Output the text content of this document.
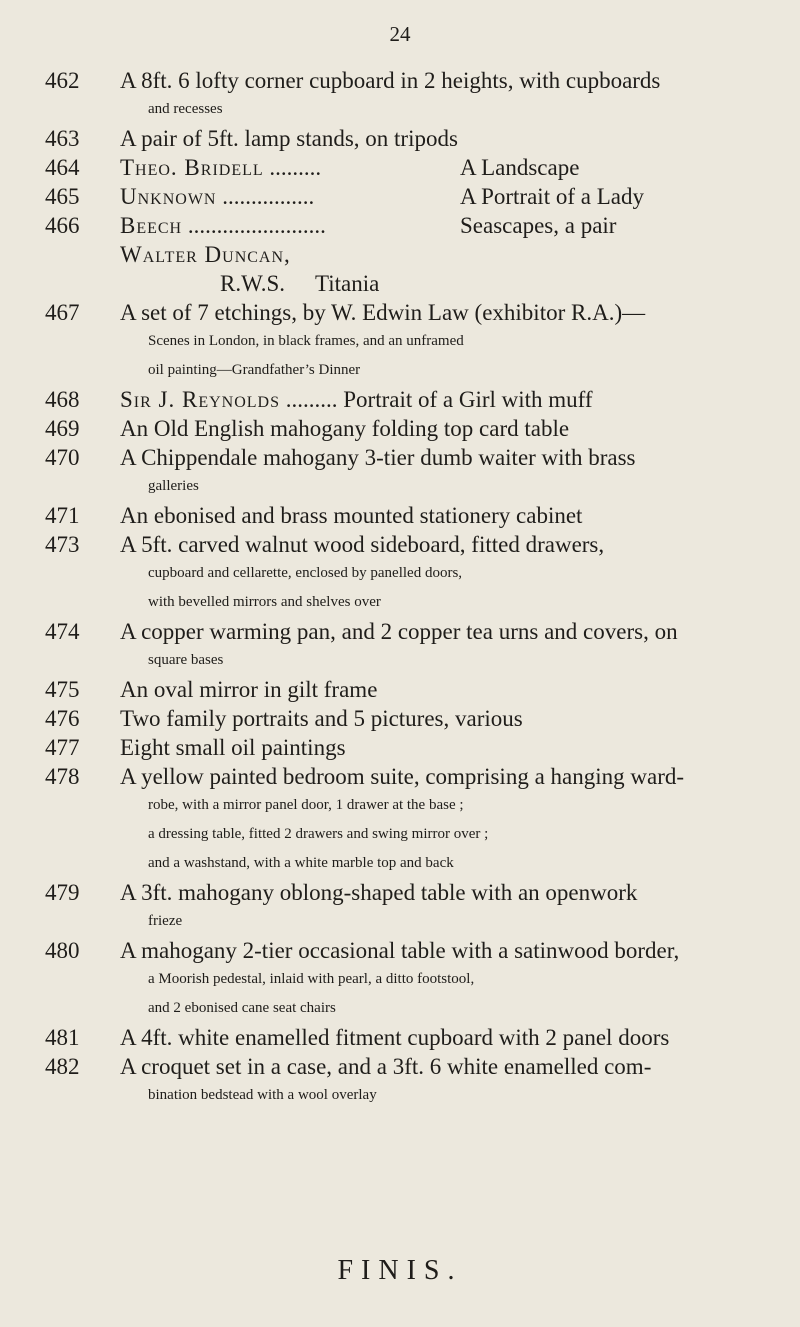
24
462	A 8ft. 6 lofty corner cupboard in 2 heights, with cupboards
and recesses
463	A pair of 5ft. lamp stands, on tripods
464	Theo. Bridell .........	A Landscape
465	Unknown ................	A Portrait of a Lady
466	Beech ........................	Seascapes, a pair
Walter Duncan,
R.W.S. Titania
467	A set of 7 etchings, by W. Edwin Law (exhibitor R.A.)—
Scenes in London, in black frames, and an unframed
oil painting—Grandfather’s Dinner
468	Sir J. Reynolds ......... Portrait of a Girl with muff
469	An Old English mahogany folding top card table
470	A Chippendale mahogany 3-tier dumb waiter with brass
galleries
471	An ebonised and brass mounted stationery cabinet
473	A 5ft. carved walnut wood sideboard, fitted drawers,
cupboard and cellarette, enclosed by panelled doors,
with bevelled mirrors and shelves over
474	A copper warming pan, and 2 copper tea urns and covers, on
square bases
475	An oval mirror in gilt frame
476	Two family portraits and 5 pictures, various
477	Eight small oil paintings
478	A yellow painted bedroom suite, comprising a hanging ward-
robe, with a mirror panel door, 1 drawer at the base ;
a dressing table, fitted 2 drawers and swing mirror over ;
and a washstand, with a white marble top and back
479	A 3ft. mahogany oblong-shaped table with an openwork
frieze
480	A mahogany 2-tier occasional table with a satinwood border,
a Moorish pedestal, inlaid with pearl, a ditto footstool,
and 2 ebonised cane seat chairs
481	A 4ft. white enamelled fitment cupboard with 2 panel doors
482	A croquet set in a case, and a 3ft. 6 white enamelled com-
bination bedstead with a wool overlay
FINIS.
